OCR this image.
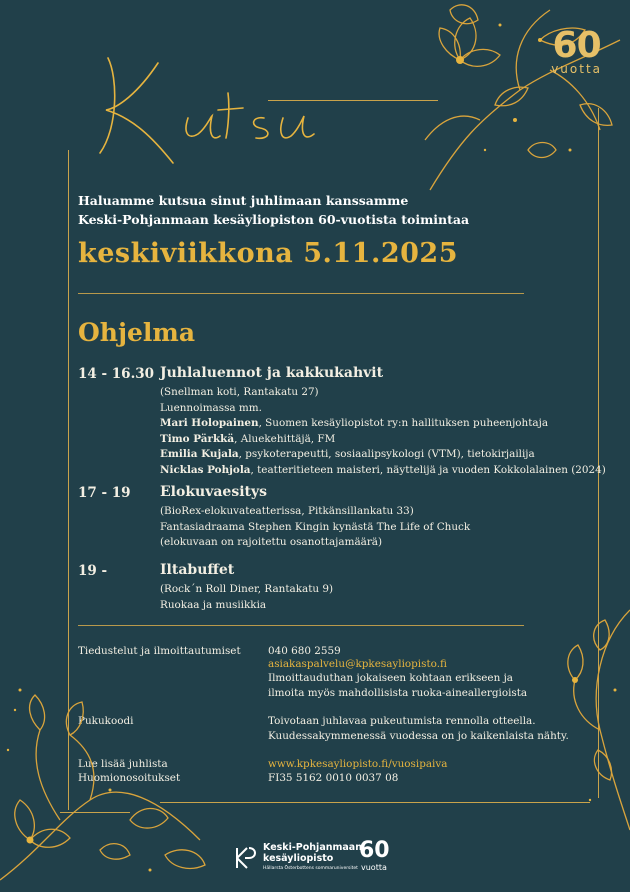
Kutsu
60
vuotta
Haluamme kutsua sinut juhlimaan kanssamme
Keski-Pohjanmaan kesäyliopiston 60-vuotista toimintaa
keskiviikkona 5.11.2025
Ohjelma
14 - 16.30 Juhlaluennot ja kakkukahvit
(Snellman koti, Rantakatu 27)
Luennoimassa mm.
Mari Holopainen, Suomen kesäyliopistot ry:n hallituksen puheenjohtaja
Timo Pärkkä, Aluekehittäjä, FM
Emilia Kujala, psykoterapeutti, sosiaalipsykologi (VTM), tietokirjailija
Nicklas Pohjola, teatteritieteen maisteri, näyttelijä ja vuoden Kokkolalainen (2024)
17 - 19 Elokuvaesitys
(BioRex-elokuvateatterissa, Pitkänsillankatu 33)
Fantasiadraama Stephen Kingin kynästä The Life of Chuck
(elokuvaan on rajoitettu osanottajamäärä)
19 -	Iltabuffet
(Rock´n Roll Diner, Rantakatu 9)
Ruokaa ja musiikkia
Tiedustelut ja ilmoittautumiset	040 680 2559
asiakaspalvelu@kpkesayliopisto.fi
Ilmoittauduthan jokaiseen kohtaan erikseen ja
ilmoita myös mahdollisista ruoka-aineallergioista
Pukukoodi	Toivotaan juhlavaa pukeutumista rennolla otteella.
Kuudessakymmenessä vuodessa on jo kaikenlaista nähty.
Lue lisää juhlista	www.kpkesayliopisto.fi/vuosipaiva
Huomionosoitukset	FI35 5162 0010 0037 08
Keski-Pohjanmaan
kesäyliopisto
Hällarsta Österbottens sommaruniversitet
60
vuotta
